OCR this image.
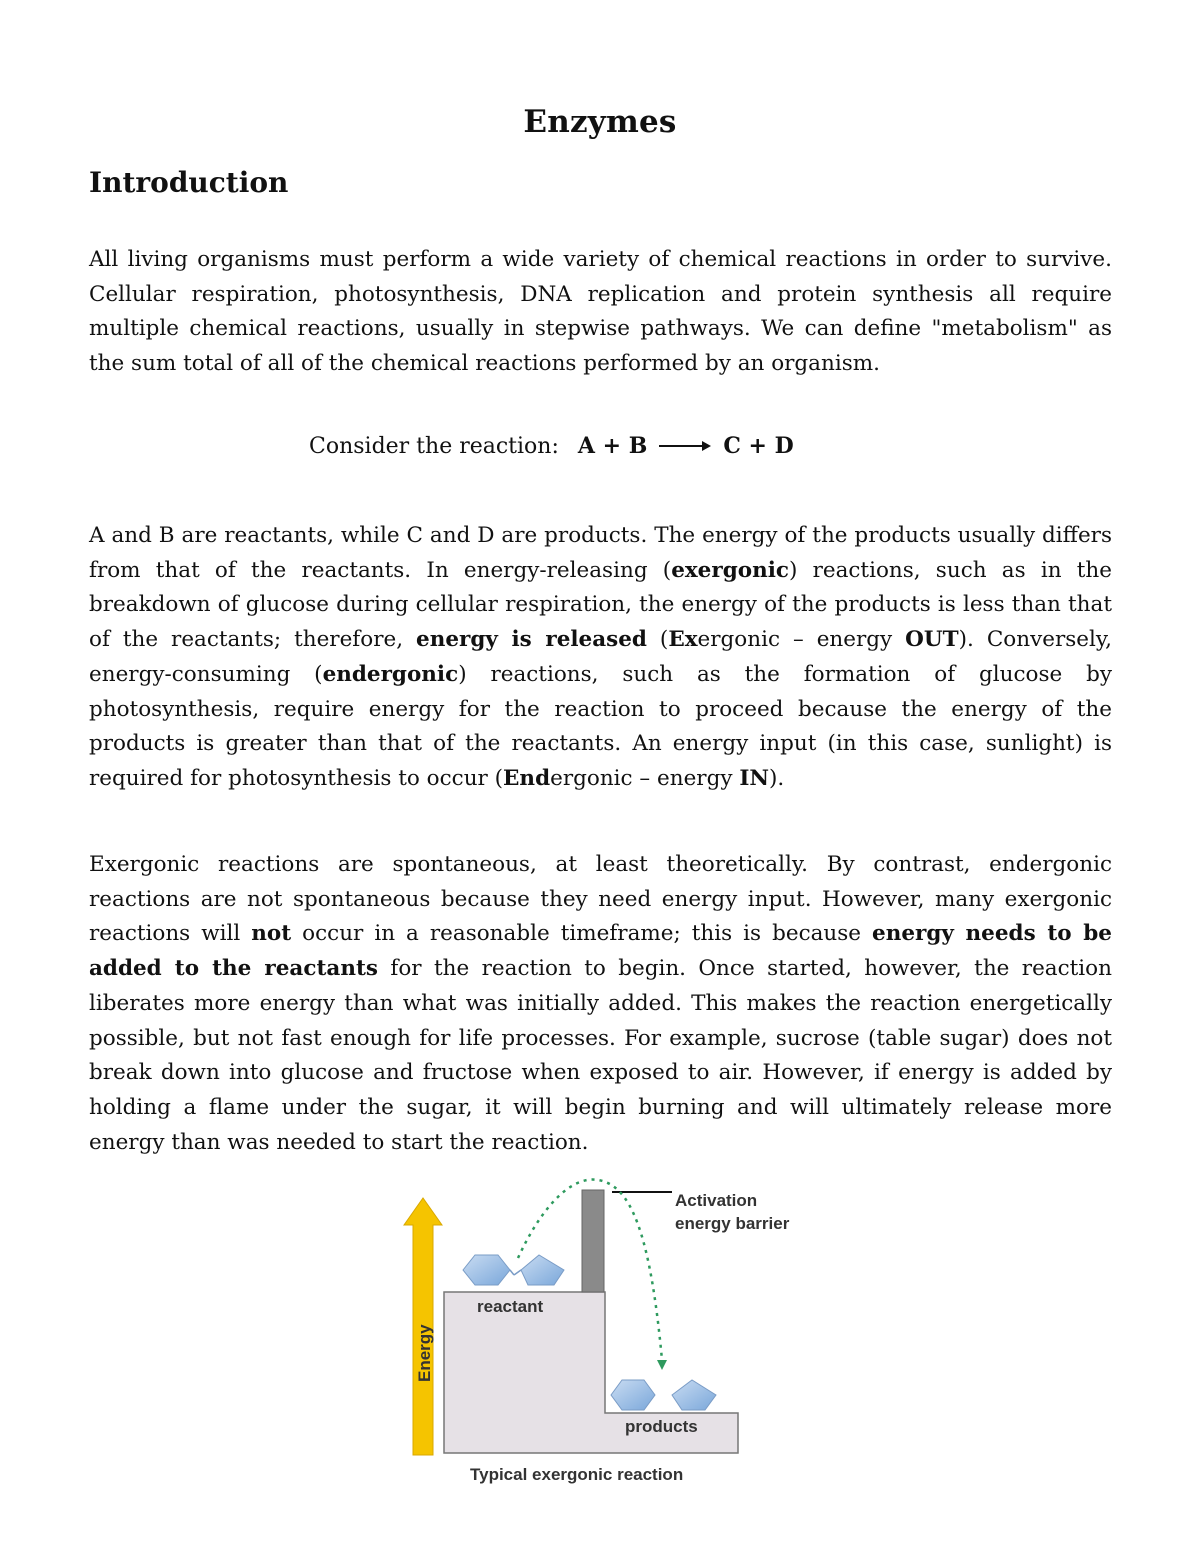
Enzymes
Introduction
All living organisms must perform a wide variety of chemical reactions in order to survive. Cellular respiration, photosynthesis, DNA replication and protein synthesis all require multiple chemical reactions, usually in stepwise pathways. We can define "metabolism" as the sum total of all of the chemical reactions performed by an organism.
Consider the reaction: A + B → C + D
A and B are reactants, while C and D are products. The energy of the products usually differs from that of the reactants. In energy-releasing (exergonic) reactions, such as in the breakdown of glucose during cellular respiration, the energy of the products is less than that of the reactants; therefore, energy is released (Exergonic – energy OUT). Conversely, energy-consuming (endergonic) reactions, such as the formation of glucose by photosynthesis, require energy for the reaction to proceed because the energy of the products is greater than that of the reactants. An energy input (in this case, sunlight) is required for photosynthesis to occur (Endergonic – energy IN).
Exergonic reactions are spontaneous, at least theoretically. By contrast, endergonic reactions are not spontaneous because they need energy input. However, many exergonic reactions will not occur in a reasonable timeframe; this is because energy needs to be added to the reactants for the reaction to begin. Once started, however, the reaction liberates more energy than what was initially added. This makes the reaction energetically possible, but not fast enough for life processes. For example, sucrose (table sugar) does not break down into glucose and fructose when exposed to air. However, if energy is added by holding a flame under the sugar, it will begin burning and will ultimately release more energy than was needed to start the reaction.
Energy
reactant
products
Activation
energy barrier
Typical exergonic reaction
